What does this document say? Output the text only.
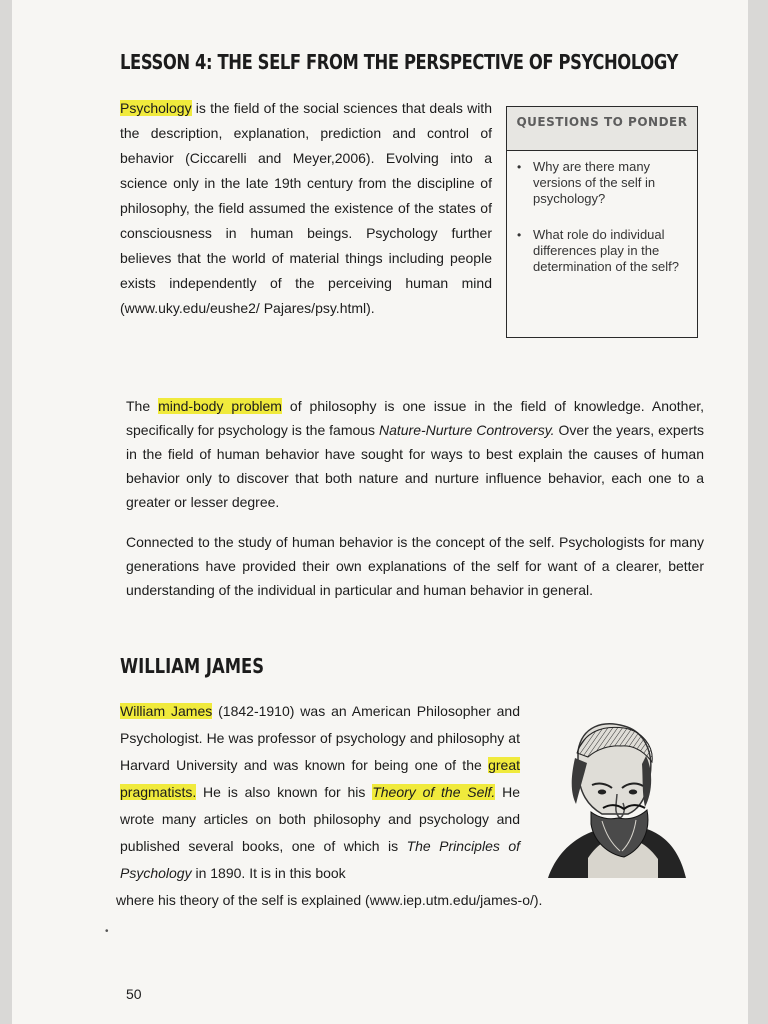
LESSON 4: THE SELF FROM THE PERSPECTIVE OF PSYCHOLOGY

Psychology is the field of the social sciences that deals with the description, explanation, prediction and control of behavior (Ciccarelli and Meyer,2006). Evolving into a science only in the late 19th century from the discipline of philosophy, the field assumed the existence of the states of consciousness in human beings. Psychology further believes that the world of material things including people exists independently of the perceiving human mind (www.uky.edu/eushe2/ Pajares/psy.html).

QUESTIONS TO PONDER
• Why are there many versions of the self in psychology?
• What role do individual differences play in the determination of the self?

The mind-body problem of philosophy is one issue in the field of knowledge. Another, specifically for psychology is the famous Nature-Nurture Controversy. Over the years, experts in the field of human behavior have sought for ways to best explain the causes of human behavior only to discover that both nature and nurture influence behavior, each one to a greater or lesser degree.

Connected to the study of human behavior is the concept of the self. Psychologists for many generations have provided their own explanations of the self for want of a clearer, better understanding of the individual in particular and human behavior in general.

WILLIAM JAMES

William James (1842-1910) was an American Philosopher and Psychologist. He was professor of psychology and philosophy at Harvard University and was known for being one of the great pragmatists. He is also known for his Theory of the Self. He wrote many articles on both philosophy and psychology and published several books, one of which is The Principles of Psychology in 1890. It is in this book
where his theory of the self is explained (www.iep.utm.edu/james-o/).

•

50
